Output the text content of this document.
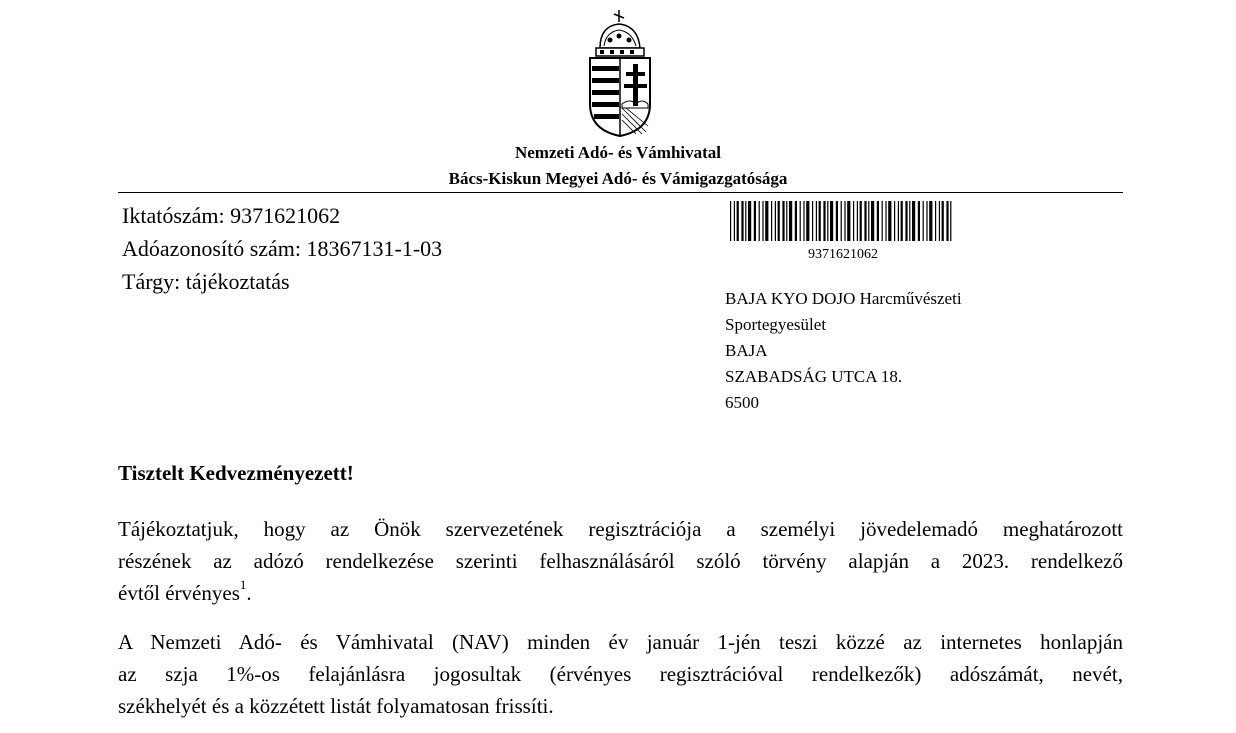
Nemzeti Adó- és Vámhivatal
Bács-Kiskun Megyei Adó- és Vámigazgatósága
Iktatószám: 9371621062
Adóazonosító szám: 18367131-1-03
Tárgy: tájékoztatás
9371621062
BAJA KYO DOJO Harcművészeti
Sportegyesület
BAJA
SZABADSÁG UTCA 18.
6500
Tisztelt Kedvezményezett!
Tájékoztatjuk, hogy az Önök szervezetének regisztrációja a személyi jövedelemadó meghatározott
részének az adózó rendelkezése szerinti felhasználásáról szóló törvény alapján a 2023. rendelkező
évtől érvényes$^1$.
A Nemzeti Adó- és Vámhivatal (NAV) minden év január 1-jén teszi közzé az internetes honlapján
az szja 1%-os felajánlásra jogosultak (érvényes regisztrációval rendelkezők) adószámát, nevét,
székhelyét és a közzétett listát folyamatosan frissíti.
